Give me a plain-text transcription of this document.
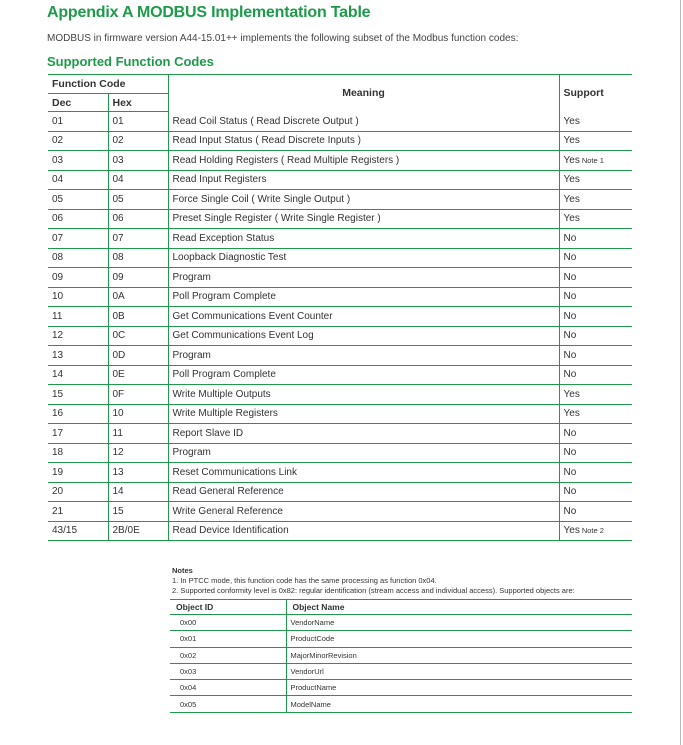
Appendix A MODBUS Implementation Table
MODBUS in firmware version A44-15.01++ implements the following subset of the Modbus function codes:
Supported Function Codes
Function Code		Meaning	Support
Dec	Hex		
01	01	Read Coil Status ( Read Discrete Output )	Yes
02	02	Read Input Status ( Read Discrete Inputs )	Yes
03	03	Read Holding Registers ( Read Multiple Registers )	Yes Note 1
04	04	Read Input Registers	Yes
05	05	Force Single Coil ( Write Single Output )	Yes
06	06	Preset Single Register ( Write Single Register )	Yes
07	07	Read Exception Status	No
08	08	Loopback Diagnostic Test	No
09	09	Program	No
10	0A	Poll Program Complete	No
11	0B	Get Communications Event Counter	No
12	0C	Get Communications Event Log	No
13	0D	Program	No
14	0E	Poll Program Complete	No
15	0F	Write Multiple Outputs	Yes
16	10	Write Multiple Registers	Yes
17	11	Report Slave ID	No
18	12	Program	No
19	13	Reset Communications Link	No
20	14	Read General Reference	No
21	15	Write General Reference	No
43/15	2B/0E	Read Device Identification	Yes Note 2
Notes
1. In PTCC mode, this function code has the same processing as function 0x04.
2. Supported conformity level is 0x82: regular identification (stream access and individual access). Supported objects are:
Object ID	Object Name
0x00	VendorName
0x01	ProductCode
0x02	MajorMinorRevision
0x03	VendorUrl
0x04	ProductName
0x05	ModelName
